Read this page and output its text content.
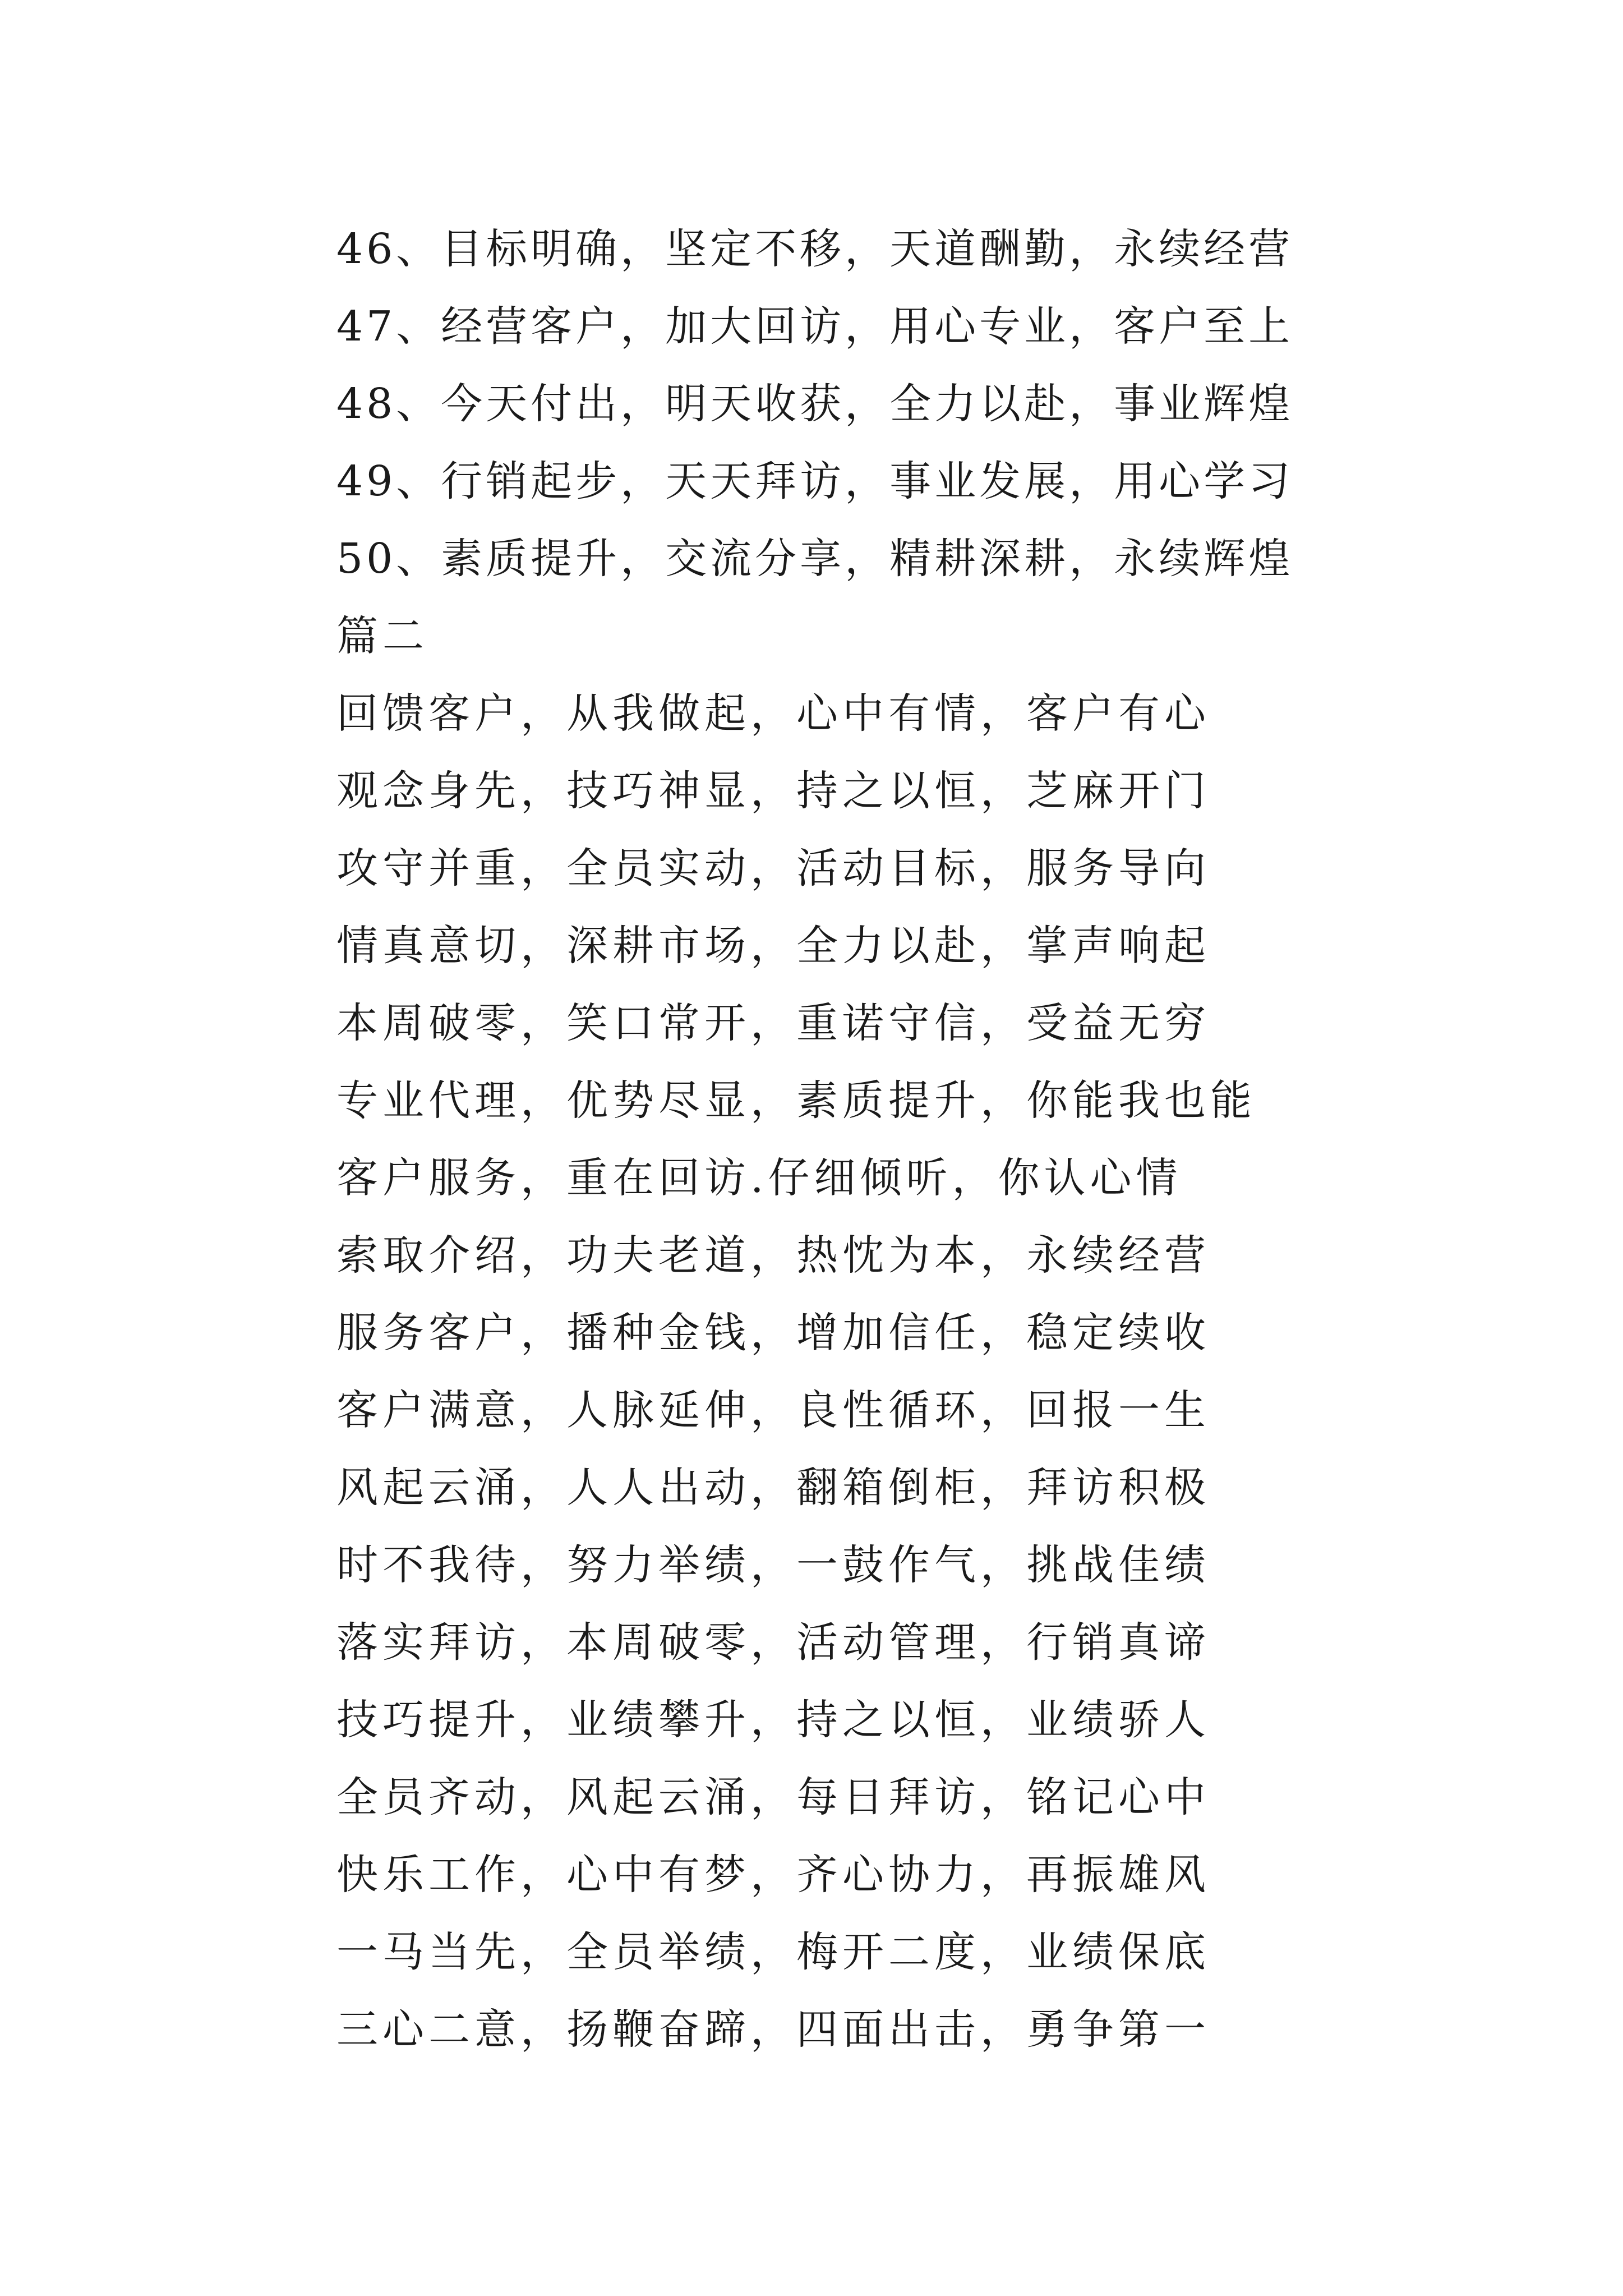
46、目标明确，坚定不移，天道酬勤，永续经营
47、经营客户，加大回访，用心专业，客户至上
48、今天付出，明天收获，全力以赴，事业辉煌
49、行销起步，天天拜访，事业发展，用心学习
50、素质提升，交流分享，精耕深耕，永续辉煌
篇二
回馈客户，从我做起，心中有情，客户有心
观念身先，技巧神显，持之以恒，芝麻开门
攻守并重，全员实动，活动目标，服务导向
情真意切，深耕市场，全力以赴，掌声响起
本周破零，笑口常开，重诺守信，受益无穷
专业代理，优势尽显，素质提升，你能我也能
客户服务，重在回访.仔细倾听，你认心情
索取介绍，功夫老道，热忱为本，永续经营
服务客户，播种金钱，增加信任，稳定续收
客户满意，人脉延伸，良性循环，回报一生
风起云涌，人人出动，翻箱倒柜，拜访积极
时不我待，努力举绩，一鼓作气，挑战佳绩
落实拜访，本周破零，活动管理，行销真谛
技巧提升，业绩攀升，持之以恒，业绩骄人
全员齐动，风起云涌，每日拜访，铭记心中
快乐工作，心中有梦，齐心协力，再振雄风
一马当先，全员举绩，梅开二度，业绩保底
三心二意，扬鞭奋蹄，四面出击，勇争第一
